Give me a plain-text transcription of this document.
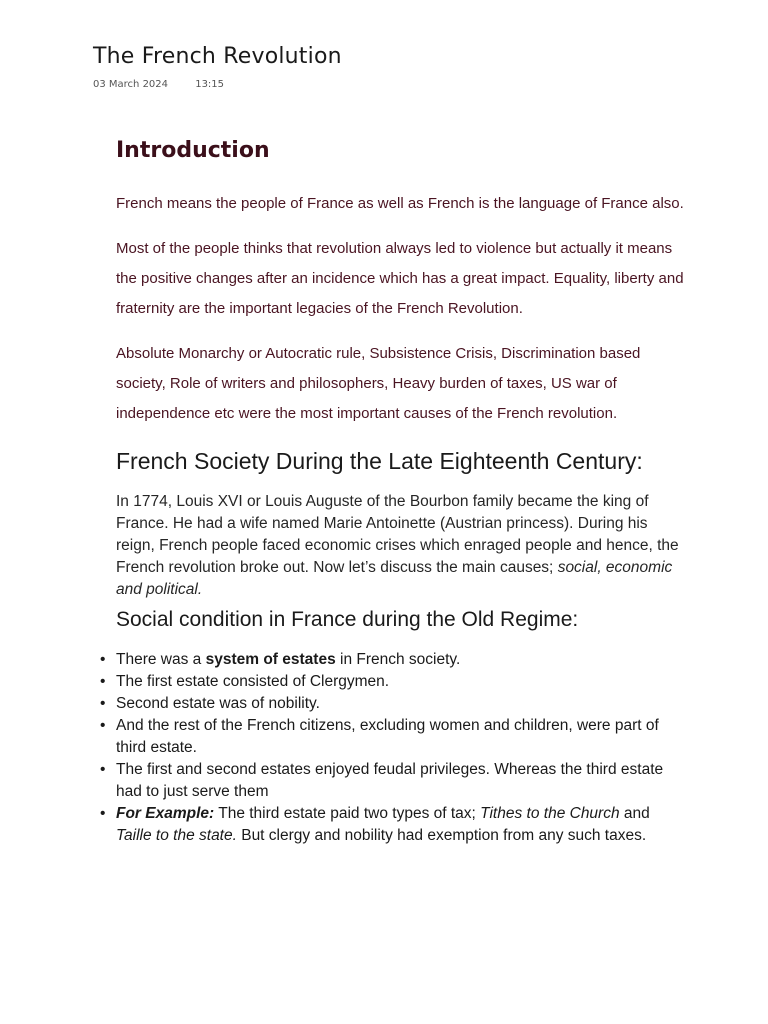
The French Revolution
03 March 2024	13:15
Introduction

French means the people of France as well as French is the language of France also.

Most of the people thinks that revolution always led to violence but actually it means the positive changes after an incidence which has a great impact. Equality, liberty and fraternity are the important legacies of the French Revolution.

Absolute Monarchy or Autocratic rule, Subsistence Crisis, Discrimination based society, Role of writers and philosophers, Heavy burden of taxes, US war of independence etc were the most important causes of the French revolution.

French Society During the Late Eighteenth Century:

In 1774, Louis XVI or Louis Auguste of the Bourbon family became the king of France. He had a wife named Marie Antoinette (Austrian princess). During his reign, French people faced economic crises which enraged people and hence, the French revolution broke out. Now let’s discuss the main causes; social, economic and political.

Social condition in France during the Old Regime:
• There was a system of estates in French society.
• The first estate consisted of Clergymen.
• Second estate was of nobility.
• And the rest of the French citizens, excluding women and children, were part of third estate.
• The first and second estates enjoyed feudal privileges. Whereas the third estate had to just serve them
• For Example: The third estate paid two types of tax; Tithes to the Church and Taille to the state. But clergy and nobility had exemption from any such taxes.
